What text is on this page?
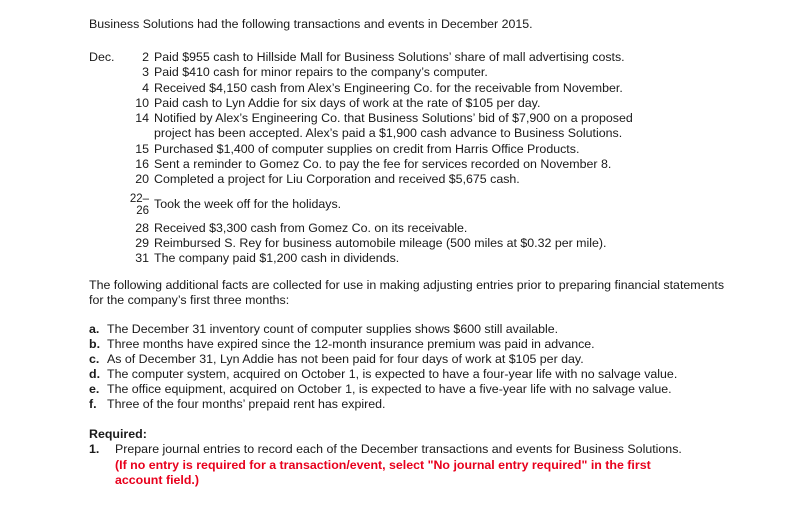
Business Solutions had the following transactions and events in December 2015.
Dec.	2 Paid $955 cash to Hillside Mall for Business Solutions’ share of mall advertising costs.
3 Paid $410 cash for minor repairs to the company’s computer.
4 Received $4,150 cash from Alex’s Engineering Co. for the receivable from November.
10 Paid cash to Lyn Addie for six days of work at the rate of $105 per day.
14 Notified by Alex’s Engineering Co. that Business Solutions’ bid of $7,900 on a proposed
project has been accepted. Alex’s paid a $1,900 cash advance to Business Solutions.
15 Purchased $1,400 of computer supplies on credit from Harris Office Products.
16 Sent a reminder to Gomez Co. to pay the fee for services recorded on November 8.
20 Completed a project for Liu Corporation and received $5,675 cash.
22–
26
Took the week off for the holidays.
28 Received $3,300 cash from Gomez Co. on its receivable.
29 Reimbursed S. Rey for business automobile mileage (500 miles at $0.32 per mile).
31 The company paid $1,200 cash in dividends.
The following additional facts are collected for use in making adjusting entries prior to preparing financial statements for the company’s first three months:
a. The December 31 inventory count of computer supplies shows $600 still available.
b. Three months have expired since the 12-month insurance premium was paid in advance.
c. As of December 31, Lyn Addie has not been paid for four days of work at $105 per day.
d. The computer system, acquired on October 1, is expected to have a four-year life with no salvage value.
e. The office equipment, acquired on October 1, is expected to have a five-year life with no salvage value.
f. Three of the four months’ prepaid rent has expired.
Required:
1.	Prepare journal entries to record each of the December transactions and events for Business Solutions.
(If no entry is required for a transaction/event, select "No journal entry required" in the first
account field.)
